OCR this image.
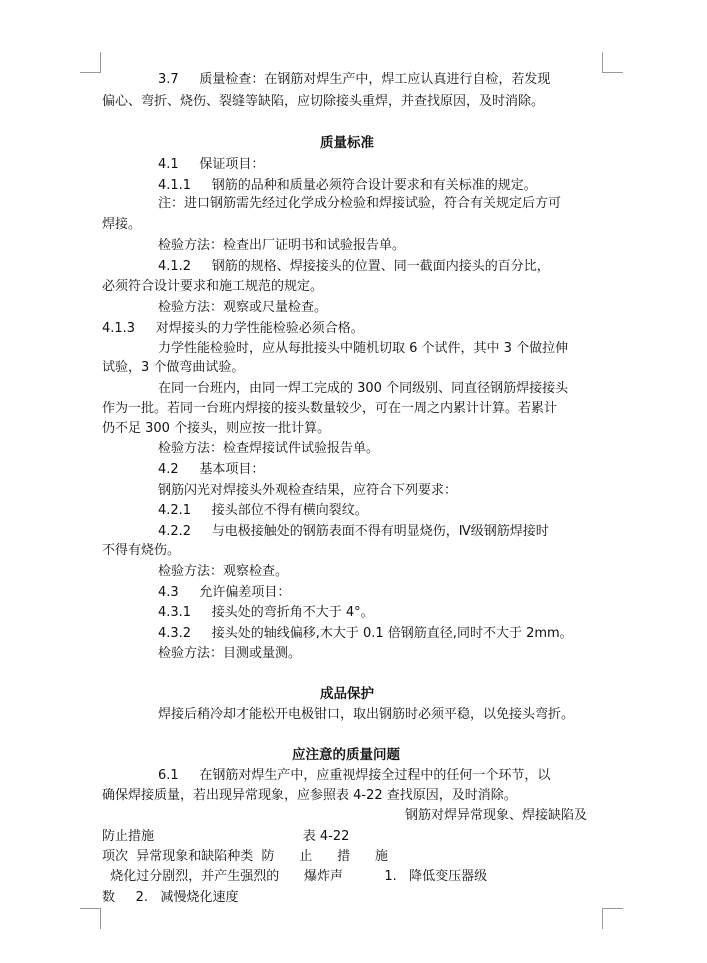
3.7     质量检查：在钢筋对焊生产中，焊工应认真进行自检，若发现
偏心、弯折、烧伤、裂缝等缺陷，应切除接头重焊，并查找原因，及时消除。
质量标准
4.1     保证项目：
4.1.1     钢筋的品种和质量必须符合设计要求和有关标准的规定。
注：进口钢筋需先经过化学成分检验和焊接试验，符合有关规定后方可
焊接。
检验方法：检查出厂证明书和试验报告单。
4.1.2     钢筋的规格、焊接接头的位置、同一截面内接头的百分比，
必须符合设计要求和施工规范的规定。
检验方法：观察或尺量检查。
4.1.3     对焊接头的力学性能检验必须合格。
力学性能检验时，应从每批接头中随机切取 6 个试件，其中 3 个做拉伸
试验，3 个做弯曲试验。
在同一台班内，由同一焊工完成的 300 个同级别、同直径钢筋焊接接头
作为一批。若同一台班内焊接的接头数量较少，可在一周之内累计计算。若累计
仍不足 300 个接头，则应按一批计算。
检验方法：检查焊接试件试验报告单。
4.2     基本项目：
钢筋闪光对焊接头外观检查结果，应符合下列要求：
4.2.1     接头部位不得有横向裂纹。
4.2.2     与电极接触处的钢筋表面不得有明显烧伤，Ⅳ级钢筋焊接时
不得有烧伤。
检验方法：观察检查。
4.3     允许偏差项目：
4.3.1     接头处的弯折角不大于 4°。
4.3.2     接头处的轴线偏移,木大于 0.1 倍钢筋直径,同时不大于 2mm。
检验方法：目测或量测。
成品保护
焊接后稍冷却才能松开电极钳口，取出钢筋时必须平稳，以免接头弯折。
应注意的质量问题
6.1     在钢筋对焊生产中，应重视焊接全过程中的任何一个环节，以
确保焊接质量，若出现异常现象，应参照表 4-22 查找原因，及时消除。
钢筋对焊异常现象、焊接缺陷及
防止措施                                    表 4-22
项次  异常现象和缺陷种类  防      止      措      施
烧化过分剧烈，并产生强烈的      爆炸声          1.   降低变压器级
数     2.   减慢烧化速度
